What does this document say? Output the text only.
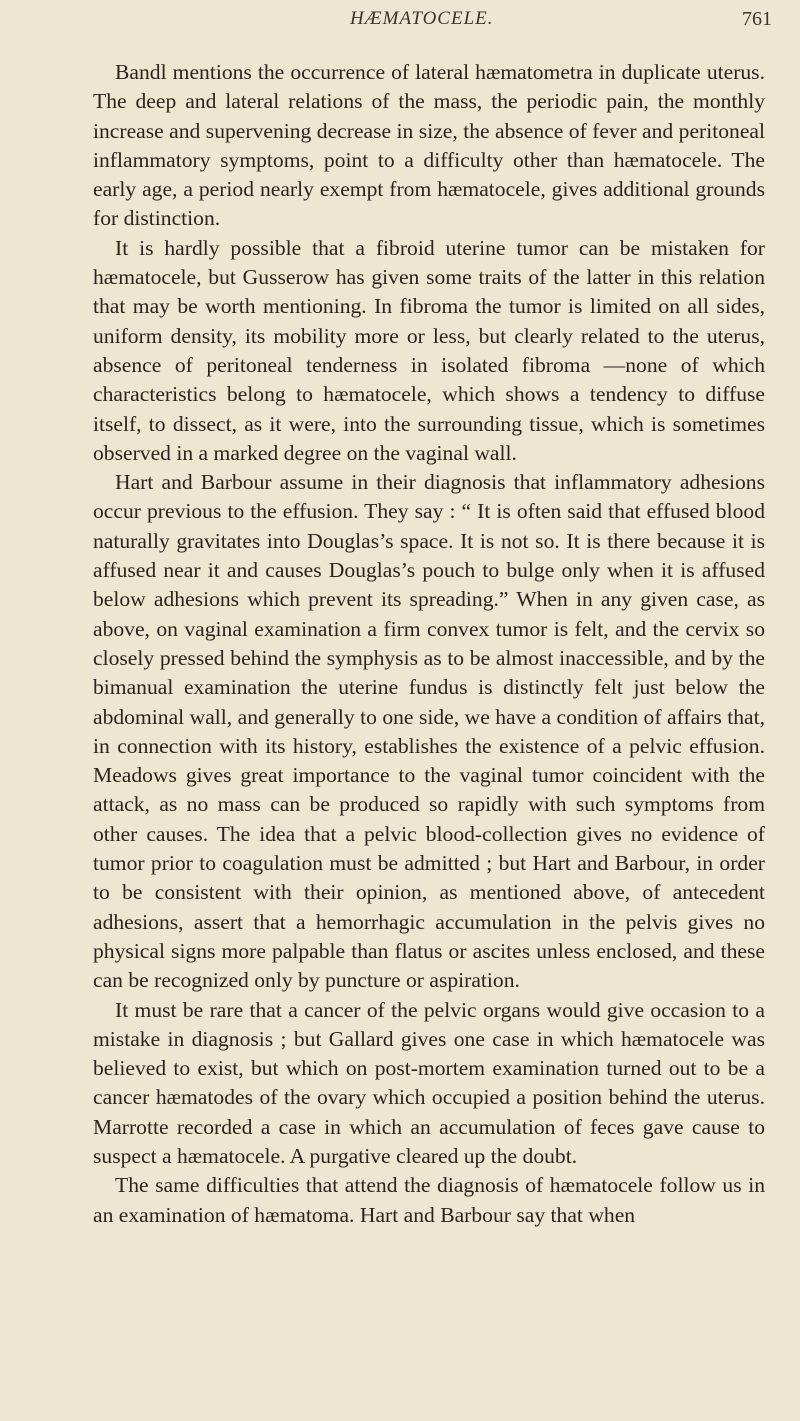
HÆMATOCELE.	761

Bandl mentions the occurrence of lateral hæmatometra in duplicate uterus. The deep and lateral relations of the mass, the periodic pain, the monthly increase and supervening decrease in size, the absence of fever and peritoneal inflammatory symptoms, point to a difficulty other than hæmatocele. The early age, a period nearly exempt from hæmatocele, gives additional grounds for distinction.

It is hardly possible that a fibroid uterine tumor can be mistaken for hæmatocele, but Gusserow has given some traits of the latter in this relation that may be worth mentioning. In fibroma the tumor is limited on all sides, uniform density, its mobility more or less, but clearly related to the uterus, absence of peritoneal tenderness in isolated fibroma —none of which characteristics belong to hæmatocele, which shows a tendency to diffuse itself, to dissect, as it were, into the surrounding tissue, which is sometimes observed in a marked degree on the vaginal wall.

Hart and Barbour assume in their diagnosis that inflammatory adhesions occur previous to the effusion. They say : “ It is often said that effused blood naturally gravitates into Douglas’s space. It is not so. It is there because it is affused near it and causes Douglas’s pouch to bulge only when it is affused below adhesions which prevent its spreading.” When in any given case, as above, on vaginal examination a firm convex tumor is felt, and the cervix so closely pressed behind the symphysis as to be almost inaccessible, and by the bimanual examination the uterine fundus is distinctly felt just below the abdominal wall, and generally to one side, we have a condition of affairs that, in connection with its history, establishes the existence of a pelvic effusion. Meadows gives great importance to the vaginal tumor coincident with the attack, as no mass can be produced so rapidly with such symptoms from other causes. The idea that a pelvic blood-collection gives no evidence of tumor prior to coagulation must be admitted ; but Hart and Barbour, in order to be consistent with their opinion, as mentioned above, of antecedent adhesions, assert that a hemorrhagic accumulation in the pelvis gives no physical signs more palpable than flatus or ascites unless enclosed, and these can be recognized only by puncture or aspiration.

It must be rare that a cancer of the pelvic organs would give occasion to a mistake in diagnosis ; but Gallard gives one case in which hæmatocele was believed to exist, but which on post-mortem examination turned out to be a cancer hæmatodes of the ovary which occupied a position behind the uterus. Marrotte recorded a case in which an accumulation of feces gave cause to suspect a hæmatocele. A purgative cleared up the doubt.

The same difficulties that attend the diagnosis of hæmatocele follow us in an examination of hæmatoma. Hart and Barbour say that when
